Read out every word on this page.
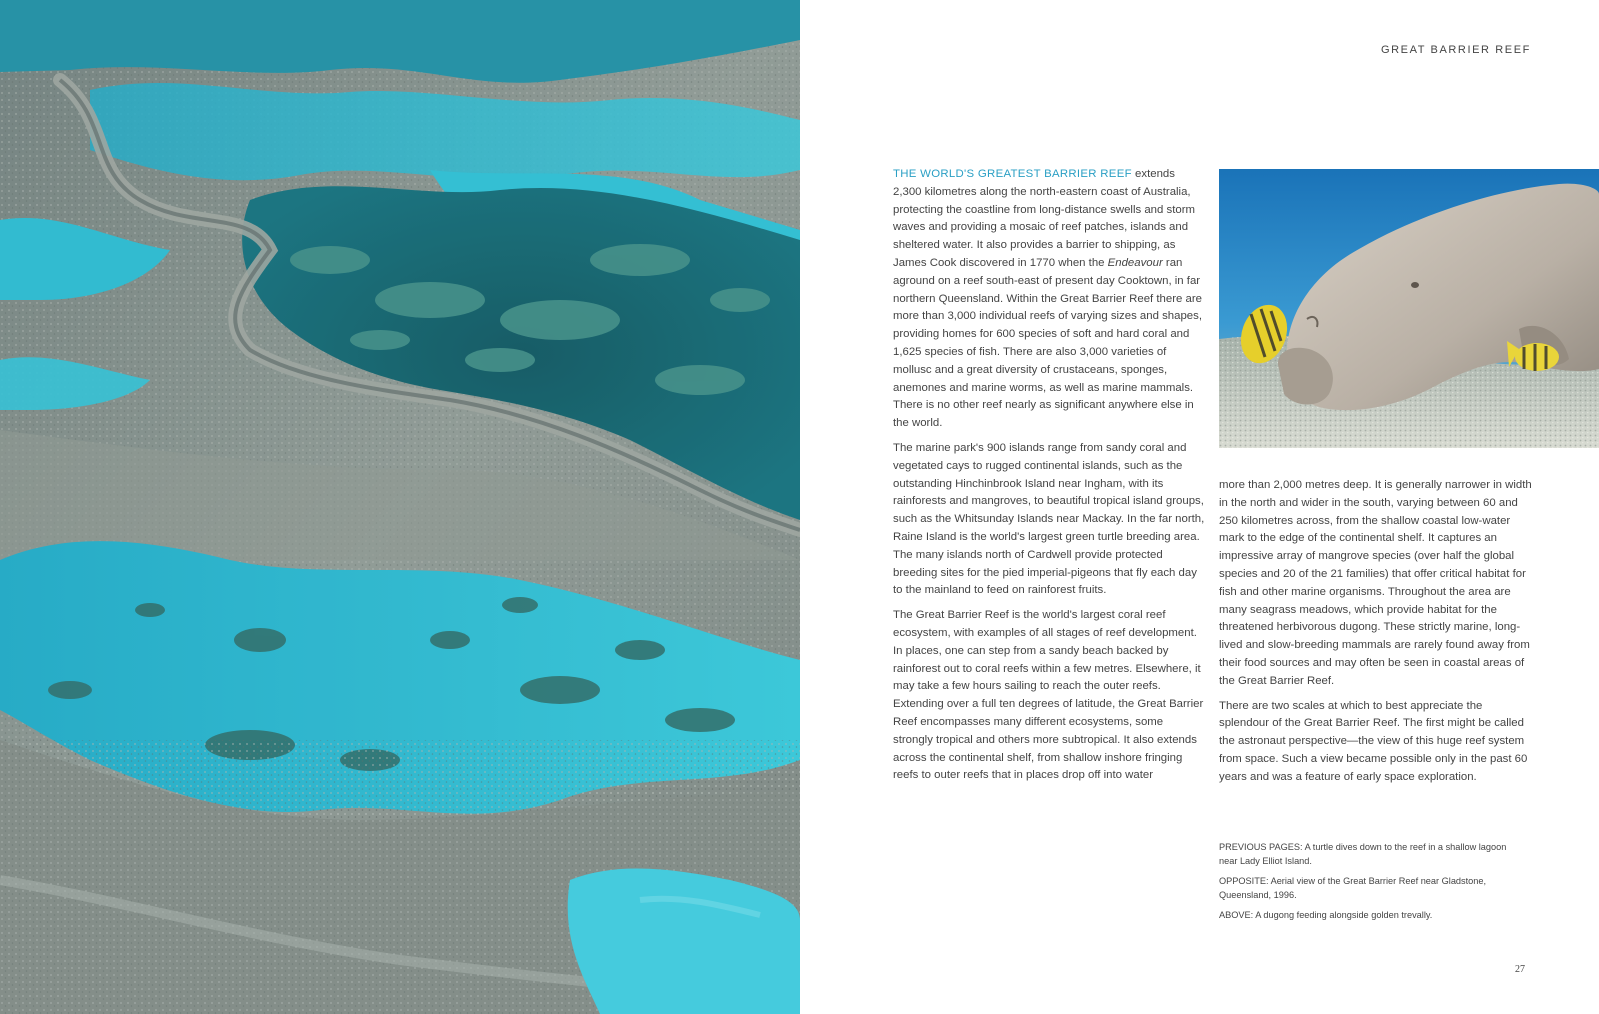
GREAT BARRIER REEF

THE WORLD'S GREATEST BARRIER REEF extends 2,300 kilometres along the north-eastern coast of Australia, protecting the coastline from long-distance swells and storm waves and providing a mosaic of reef patches, islands and sheltered water. It also provides a barrier to shipping, as James Cook discovered in 1770 when the Endeavour ran aground on a reef south-east of present day Cooktown, in far northern Queensland. Within the Great Barrier Reef there are more than 3,000 individual reefs of varying sizes and shapes, providing homes for 600 species of soft and hard coral and 1,625 species of fish. There are also 3,000 varieties of mollusc and a great diversity of crustaceans, sponges, anemones and marine worms, as well as marine mammals. There is no other reef nearly as significant anywhere else in the world.

The marine park's 900 islands range from sandy coral and vegetated cays to rugged continental islands, such as the outstanding Hinchinbrook Island near Ingham, with its rainforests and mangroves, to beautiful tropical island groups, such as the Whitsunday Islands near Mackay. In the far north, Raine Island is the world's largest green turtle breeding area. The many islands north of Cardwell provide protected breeding sites for the pied imperial-pigeons that fly each day to the mainland to feed on rainforest fruits.

The Great Barrier Reef is the world's largest coral reef ecosystem, with examples of all stages of reef development. In places, one can step from a sandy beach backed by rainforest out to coral reefs within a few metres. Elsewhere, it may take a few hours sailing to reach the outer reefs. Extending over a full ten degrees of latitude, the Great Barrier Reef encompasses many different ecosystems, some strongly tropical and others more subtropical. It also extends across the continental shelf, from shallow inshore fringing reefs to outer reefs that in places drop off into water

more than 2,000 metres deep. It is generally narrower in width in the north and wider in the south, varying between 60 and 250 kilometres across, from the shallow coastal low-water mark to the edge of the continental shelf. It captures an impressive array of mangrove species (over half the global species and 20 of the 21 families) that offer critical habitat for fish and other marine organisms. Throughout the area are many seagrass meadows, which provide habitat for the threatened herbivorous dugong. These strictly marine, long-lived and slow-breeding mammals are rarely found away from their food sources and may often be seen in coastal areas of the Great Barrier Reef.

There are two scales at which to best appreciate the splendour of the Great Barrier Reef. The first might be called the astronaut perspective—the view of this huge reef system from space. Such a view became possible only in the past 60 years and was a feature of early space exploration.

PREVIOUS PAGES: A turtle dives down to the reef in a shallow lagoon near Lady Elliot Island.

OPPOSITE: Aerial view of the Great Barrier Reef near Gladstone, Queensland, 1996.

ABOVE: A dugong feeding alongside golden trevally.

27
